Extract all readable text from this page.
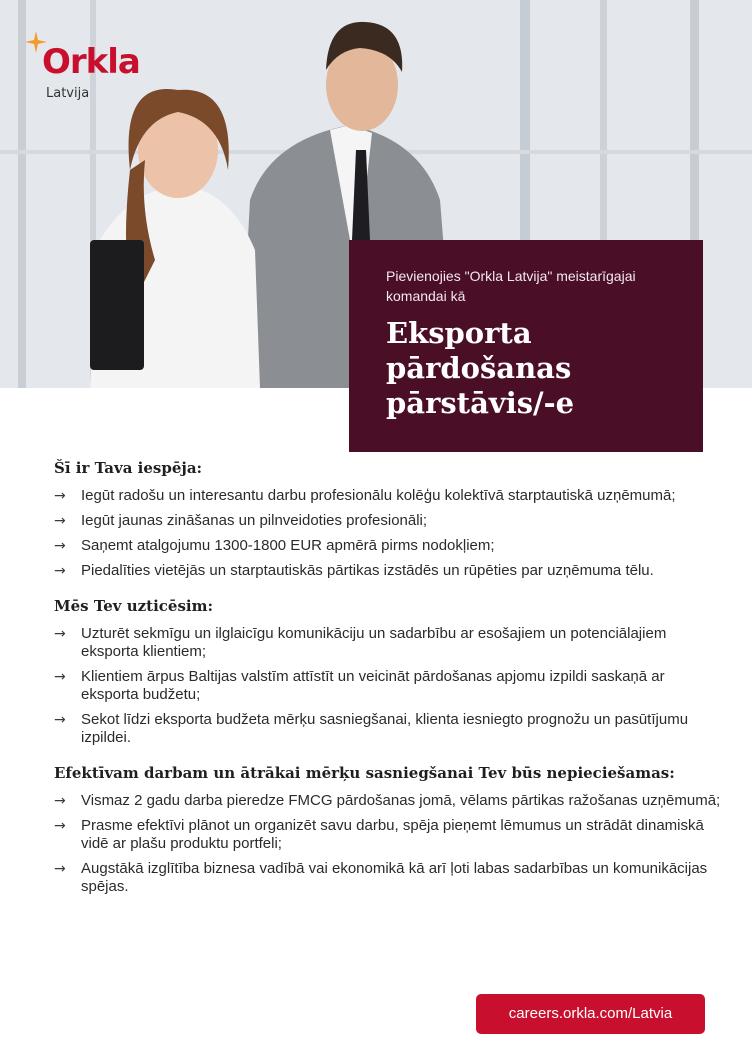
Orkla
Latvija
Pievienojies "Orkla Latvija" meistarīgajai komandai kā
Eksporta pārdošanas pārstāvis/-e
Šī ir Tava iespēja:
→ Iegūt radošu un interesantu darbu profesionālu kolēģu kolektīvā starptautiskā uzņēmumā;
→ Iegūt jaunas zināšanas un pilnveidoties profesionāli;
→ Saņemt atalgojumu 1300-1800 EUR apmērā pirms nodokļiem;
→ Piedalīties vietējās un starptautiskās pārtikas izstādēs un rūpēties par uzņēmuma tēlu.
Mēs Tev uzticēsim:
→ Uzturēt sekmīgu un ilglaicīgu komunikāciju un sadarbību ar esošajiem un potenciālajiem eksporta klientiem;
→ Klientiem ārpus Baltijas valstīm attīstīt un veicināt pārdošanas apjomu izpildi saskaņā ar eksporta budžetu;
→ Sekot līdzi eksporta budžeta mērķu sasniegšanai, klienta iesniegto prognožu un pasūtījumu izpildei.
Efektīvam darbam un ātrākai mērķu sasniegšanai Tev būs nepieciešamas:
→ Vismaz 2 gadu darba pieredze FMCG pārdošanas jomā, vēlams pārtikas ražošanas uzņēmumā;
→ Prasme efektīvi plānot un organizēt savu darbu, spēja pieņemt lēmumus un strādāt dinamiskā vidē ar plašu produktu portfeli;
→ Augstākā izglītība biznesa vadībā vai ekonomikā kā arī ļoti labas sadarbības un komunikācijas spējas.
careers.orkla.com/Latvia
